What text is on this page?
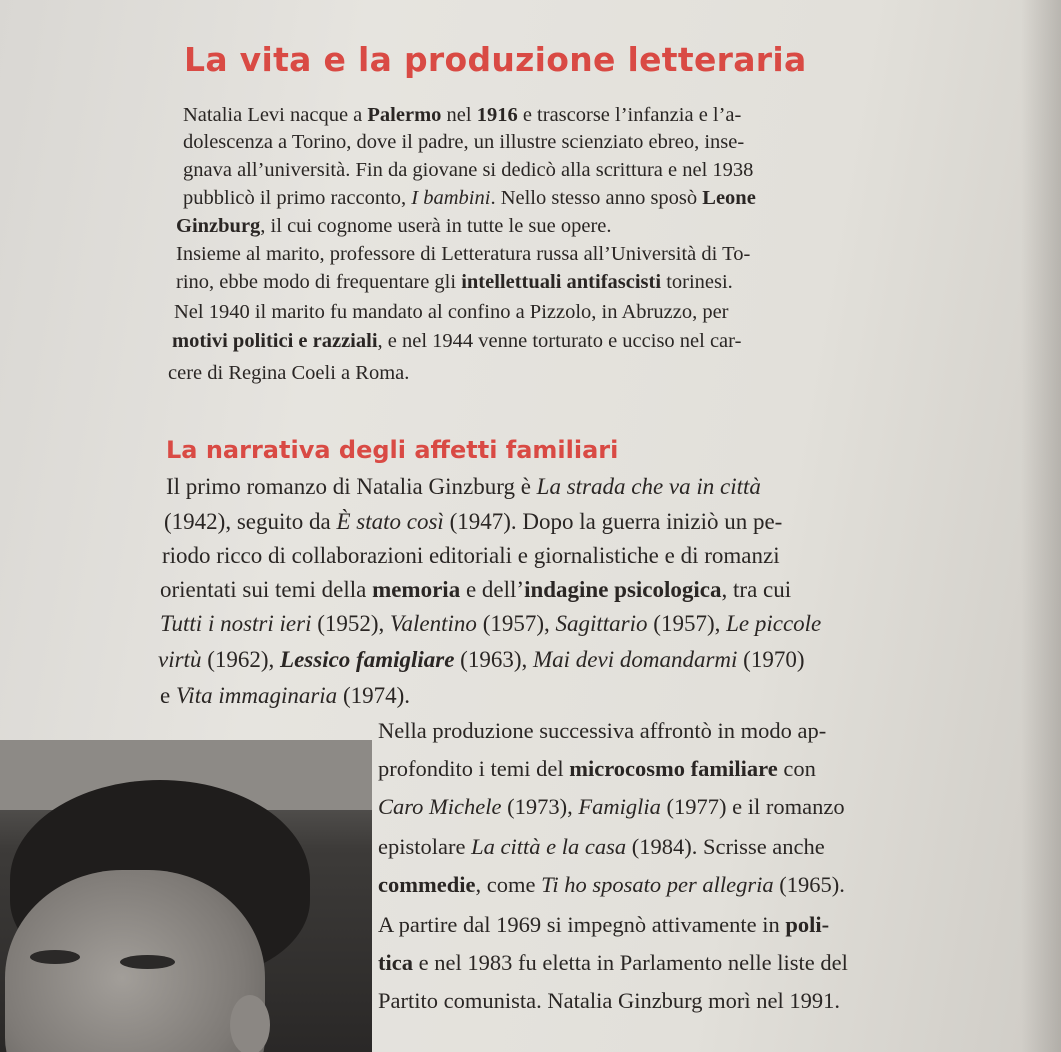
La vita e la produzione letteraria

Natalia Levi nacque a Palermo nel 1916 e trascorse l’infanzia e l’a-

dolescenza a Torino, dove il padre, un illustre scienziato ebreo, inse-

gnava all’università. Fin da giovane si dedicò alla scrittura e nel 1938

pubblicò il primo racconto, I bambini. Nello stesso anno sposò Leone

Ginzburg, il cui cognome userà in tutte le sue opere.

Insieme al marito, professore di Letteratura russa all’Università di To-

rino, ebbe modo di frequentare gli intellettuali antifascisti torinesi.

Nel 1940 il marito fu mandato al confino a Pizzolo, in Abruzzo, per

motivi politici e razziali, e nel 1944 venne torturato e ucciso nel car-

cere di Regina Coeli a Roma.

La narrativa degli affetti familiari

Il primo romanzo di Natalia Ginzburg è La strada che va in città

(1942), seguito da È stato così (1947). Dopo la guerra iniziò un pe-

riodo ricco di collaborazioni editoriali e giornalistiche e di romanzi

orientati sui temi della memoria e dell’indagine psicologica, tra cui

Tutti i nostri ieri (1952), Valentino (1957), Sagittario (1957), Le piccole

virtù (1962), Lessico famigliare (1963), Mai devi domandarmi (1970)

e Vita immaginaria (1974).

Nella produzione successiva affrontò in modo ap-

profondito i temi del microcosmo familiare con

Caro Michele (1973), Famiglia (1977) e il romanzo

epistolare La città e la casa (1984). Scrisse anche

commedie, come Ti ho sposato per allegria (1965).

A partire dal 1969 si impegnò attivamente in poli-

tica e nel 1983 fu eletta in Parlamento nelle liste del

Partito comunista. Natalia Ginzburg morì nel 1991.
